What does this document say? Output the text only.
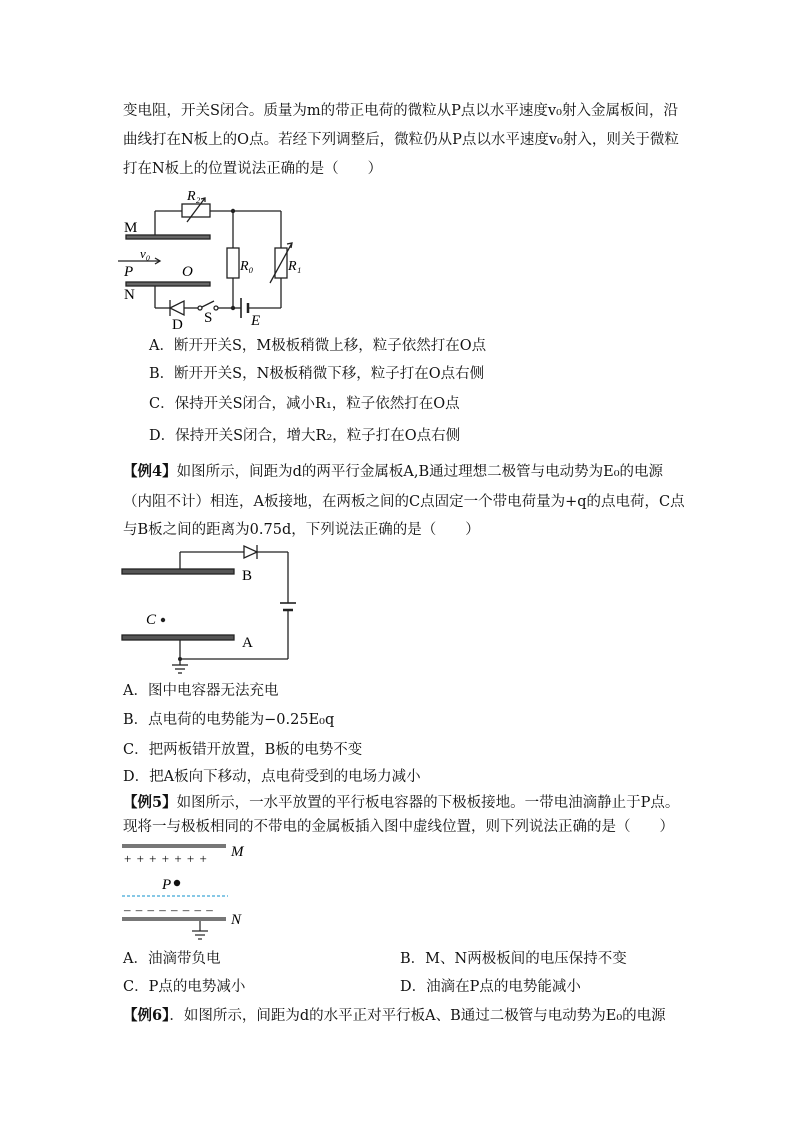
变电阻，开关S闭合。质量为m的带正电荷的微粒从P点以水平速度v₀射入金属板间，沿
曲线打在N板上的O点。若经下列调整后，微粒仍从P点以水平速度v₀射入，则关于微粒
打在N板上的位置说法正确的是（　　）
M
N
P	O
v₀
R₂
R₀ R₁
D S	E
A．断开开关S，M极板稍微上移，粒子依然打在O点
B．断开开关S，N极板稍微下移，粒子打在O点右侧
C．保持开关S闭合，减小R₁，粒子依然打在O点
D．保持开关S闭合，增大R₂，粒子打在O点右侧
【例4】如图所示，间距为d的两平行金属板A,B通过理想二极管与电动势为E₀的电源
（内阻不计）相连，A板接地，在两板之间的C点固定一个带电荷量为+q的点电荷，C点
与B板之间的距离为0.75d，下列说法正确的是（　　）
B
A
C
A．图中电容器无法充电
B．点电荷的电势能为−0.25E₀q
C．把两板错开放置，B板的电势不变
D．把A板向下移动，点电荷受到的电场力减小
【例5】如图所示，一水平放置的平行板电容器的下极板接地。一带电油滴静止于P点。
现将一与极板相同的不带电的金属板插入图中虚线位置，则下列说法正确的是（　　）
+ + + + + + + M
P
– – – – – – – –
N
A．油滴带负电	B．M、N两极板间的电压保持不变
C．P点的电势减小	D．油滴在P点的电势能减小
【例6】．如图所示，间距为d的水平正对平行板A、B通过二极管与电动势为E₀的电源
